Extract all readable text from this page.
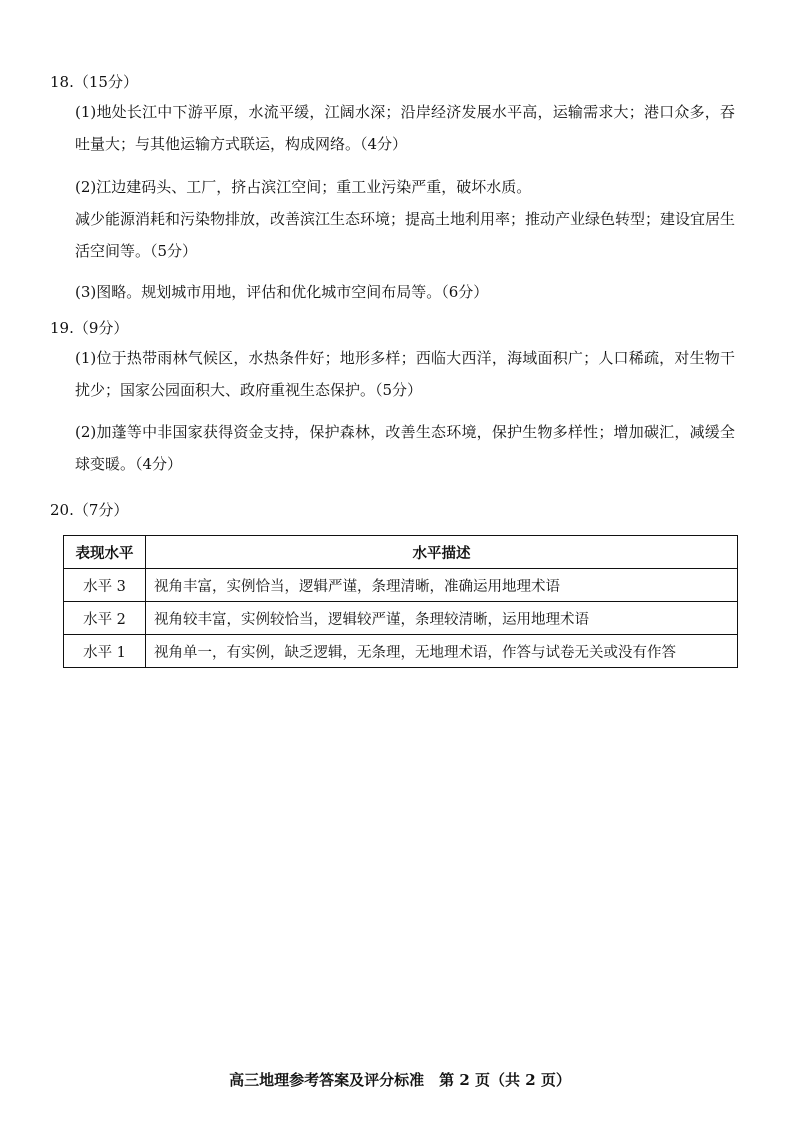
18.（15分）
(1)地处长江中下游平原，水流平缓，江阔水深；沿岸经济发展水平高，运输需求大；港口众多，吞吐量大；与其他运输方式联运，构成网络。（4分）
(2)江边建码头、工厂，挤占滨江空间；重工业污染严重，破坏水质。
减少能源消耗和污染物排放，改善滨江生态环境；提高土地利用率；推动产业绿色转型；建设宜居生活空间等。（5分）
(3)图略。规划城市用地，评估和优化城市空间布局等。（6分）
19.（9分）
(1)位于热带雨林气候区，水热条件好；地形多样；西临大西洋，海域面积广；人口稀疏，对生物干扰少；国家公园面积大、政府重视生态保护。（5分）
(2)加蓬等中非国家获得资金支持，保护森林，改善生态环境，保护生物多样性；增加碳汇，减缓全球变暖。（4分）
20.（7分）
表现水平	水平描述
水平 3	视角丰富，实例恰当，逻辑严谨，条理清晰，准确运用地理术语
水平 2	视角较丰富，实例较恰当，逻辑较严谨，条理较清晰，运用地理术语
水平 1	视角单一，有实例，缺乏逻辑，无条理，无地理术语，作答与试卷无关或没有作答
高三地理参考答案及评分标准　第 2 页（共 2 页）
